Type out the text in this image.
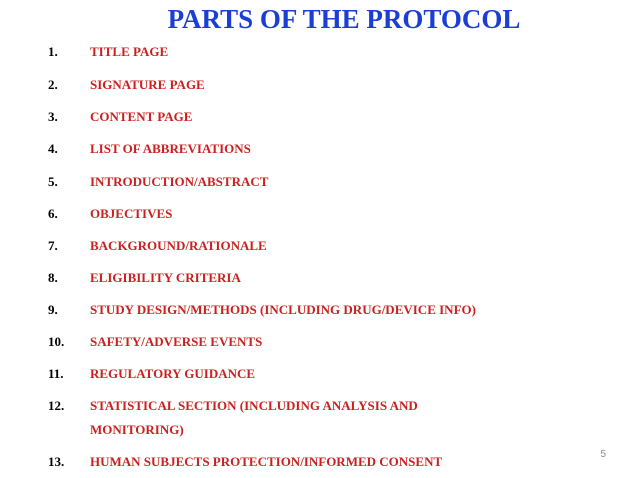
PARTS OF THE PROTOCOL
1. TITLE PAGE
2. SIGNATURE PAGE
3. CONTENT PAGE
4. LIST OF ABBREVIATIONS
5. INTRODUCTION/ABSTRACT
6. OBJECTIVES
7. BACKGROUND/RATIONALE
8. ELIGIBILITY CRITERIA
9. STUDY DESIGN/METHODS (INCLUDING DRUG/DEVICE INFO)
10. SAFETY/ADVERSE EVENTS
11. REGULATORY GUIDANCE
12. STATISTICAL SECTION (INCLUDING ANALYSIS AND
MONITORING)
13. HUMAN SUBJECTS PROTECTION/INFORMED CONSENT	5
